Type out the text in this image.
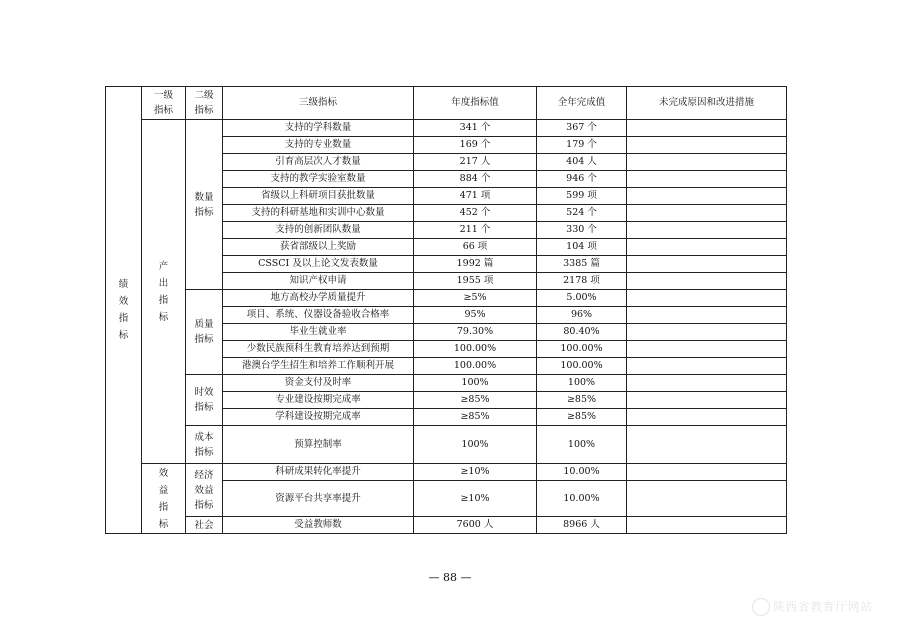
绩效指标	一级指标	二级指标	三级指标	年度指标值	全年完成值	未完成原因和改进措施

	产出指标	数量指标	支持的学科数量	341 个	367 个	
			支持的专业数量	169 个	179 个	
			引育高层次人才数量	217 人	404 人	
			支持的教学实验室数量	884 个	946 个	
			省级以上科研项目获批数量	471 项	599 项	
			支持的科研基地和实训中心数量	452 个	524 个	
			支持的创新团队数量	211 个	330 个	
			获省部级以上奖励	66 项	104 项	
			CSSCI 及以上论文发表数量	1992 篇	3385 篇	
			知识产权申请	1955 项	2178 项	

		质量指标	地方高校办学质量提升	≥5%	5.00%	
			项目、系统、仪器设备验收合格率	95%	96%	
			毕业生就业率	79.30%	80.40%	
			少数民族预科生教育培养达到预期	100.00%	100.00%	
			港澳台学生招生和培养工作顺利开展	100.00%	100.00%	

		时效指标	资金支付及时率	100%	100%	
			专业建设按期完成率	≥85%	≥85%	
			学科建设按期完成率	≥85%	≥85%	

		成本指标	预算控制率	100%	100%	

	效益指标	经济效益指标	科研成果转化率提升	≥10%	10.00%	
			资源平台共享率提升	≥10%	10.00%	

		社会	受益教师数	7600 人	8966 人	
— 88 —
陕西省教育厅网站
